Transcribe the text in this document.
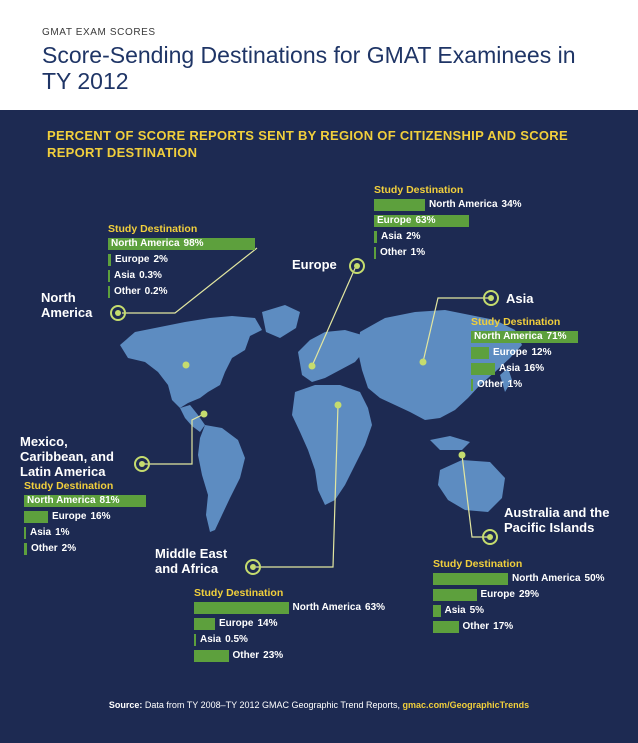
GMAT EXAM SCORES
Score-Sending Destinations for GMAT Examinees in TY 2012
PERCENT OF SCORE REPORTS SENT BY REGION OF CITIZENSHIP AND SCORE REPORT DESTINATION
North America
Europe
Asia
Mexico, Caribbean, and Latin America
Middle East and Africa
Australia and the Pacific Islands
Study Destination
North America 98%
Europe 2%
Asia 0.3%
Other 0.2%
Study Destination
North America 34%
Europe 63%
Asia 2%
Other 1%
Study Destination
North America 71%
Europe 12%
Asia 16%
Other 1%
Study Destination
North America 81%
Europe 16%
Asia 1%
Other 2%
Study Destination
North America 63%
Europe 14%
Asia 0.5%
Other 23%
Study Destination
North America 50%
Europe 29%
Asia 5%
Other 17%
Source: Data from TY 2008–TY 2012 GMAC Geographic Trend Reports, gmac.com/GeographicTrends
